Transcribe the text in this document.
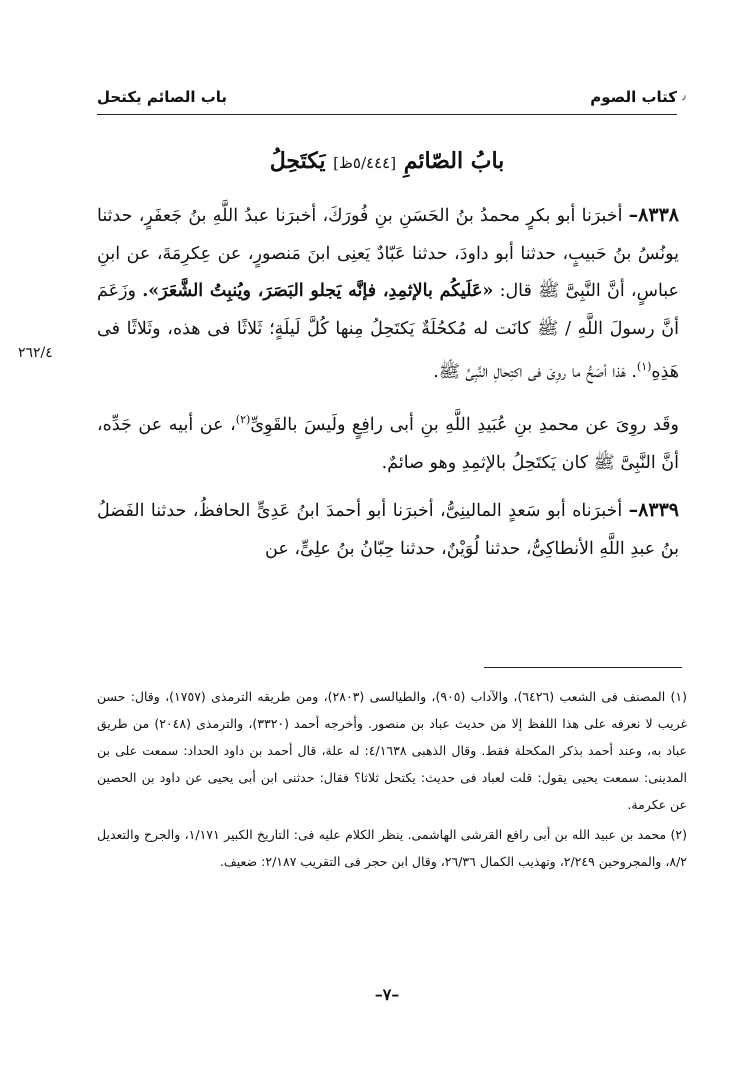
كتاب الصوم
باب الصائم يكتحل	٫
بابُ الصّائمِ [٥/٤٤٤ظ] يَكتَحِلُ
٢٦٢/٤

٨٣٣٨– أخبرَنا أبو بكرٍ محمدُ بنُ الحَسَنِ بنِ فُورَكَ، أخبرَنا عبدُ اللَّهِ بنُ جَعفَرٍ، حدثنا يونُسُ بنُ حَبيبٍ، حدثنا أبو داودَ، حدثنا عَبّادٌ يَعنِى ابنَ مَنصورٍ، عن عِكرِمَةَ، عن ابنِ عباسٍ، أنَّ النَّبِىَّ ﷺ قال: «عَلَيكُم بالإثمِدِ، فإنَّه يَجلو البَصَرَ، ويُنبِتُ الشَّعَرَ». وزَعَمَ أنَّ رسولَ اللَّهِ / ﷺ كانَت له مُكحُلَةٌ يَكتَحِلُ مِنها كُلَّ لَيلَةٍ؛ ثَلاثًا فى هذه، وثَلاثًا فى هَذِهِ$^{(١)}$. هَذا أصَحُّ ما روِىَ فى اكتِحالِ النَّبِىِّ ﷺ.

وقَد روِىَ عن محمدِ بنِ عُبَيدِ اللَّهِ بنِ أبى رافِعٍ ولَيسَ بالقَوِىِّ$^{(٢)}$، عن أبيه عن جَدِّه، أنَّ النَّبِىَّ ﷺ كان يَكتَحِلُ بالإثمِدِ وهو صائمٌ.

٨٣٣٩– أخبرَناه أبو سَعدٍ المالينِىُّ، أخبرَنا أبو أحمدَ ابنُ عَدِىٍّ الحافظُ، حدثنا الفَضلُ بنُ عبدِ اللَّهِ الأنطاكِىُّ، حدثنا لُوَيْنٌ، حدثنا حِبّانُ بنُ علِىٍّ، عن

(١) المصنف فى الشعب (٦٤٢٦)، والآداب (٩٠٥)، والطيالسى (٢٨٠٣)، ومن طريقه الترمذى (١٧٥٧)، وقال: حسن غريب لا نعرفه على هذا اللفظ إلا من حديث عباد بن منصور. وأخرجه أحمد (٣٣٢٠)، والترمذى (٢٠٤٨) من طريق عباد به، وعند أحمد بذكر المكحلة فقط. وقال الذهبى ٤/١٦٣٨: له علة، قال أحمد بن داود الحداد: سمعت على بن المدينى: سمعت يحيى يقول: قلت لعباد فى حديث: يكتحل ثلاثا؟ فقال: حدثنى ابن أبى يحيى عن داود بن الحصين عن عكرمة.

(٢) محمد بن عبيد الله بن أبى رافع القرشى الهاشمى. ينظر الكلام عليه فى: التاريخ الكبير ١/١٧١، والجرح والتعديل ٨/٢، والمجروحين ٢/٢٤٩، وتهذيب الكمال ٢٦/٣٦، وقال ابن حجر فى التقريب ٢/١٨٧: ضعيف.

–٧–
